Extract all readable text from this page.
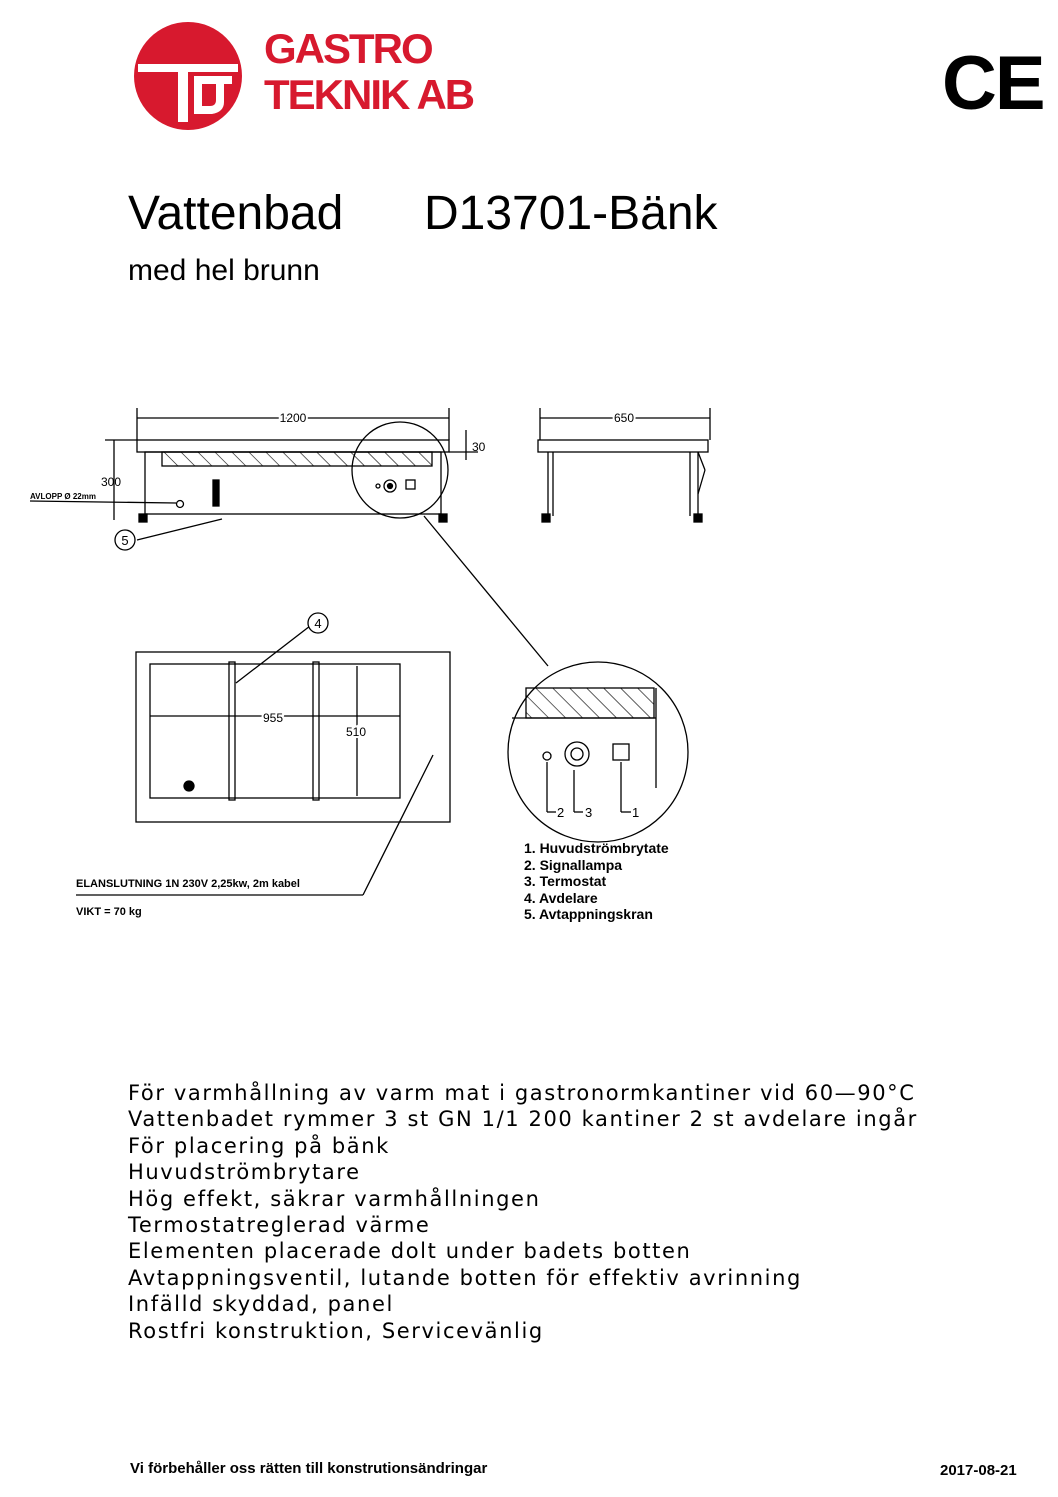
GASTRO
TEKNIK AB	CE
Vattenbad D13701-Bänk
med hel brunn
1200	650
300
30
955
510
AVLOPP Ø 22mm
5
4
2 3	1
ELANSLUTNING 1N 230V 2,25kw, 2m kabel
VIKT = 70 kg
1. Huvudströmbrytate
2. Signallampa
3. Termostat
4. Avdelare
5. Avtappningskran
För varmhållning av varm mat i gastronormkantiner vid 60—90°C
Vattenbadet rymmer 3 st GN 1/1 200 kantiner 2 st avdelare ingår
För placering på bänk
Huvudströmbrytare
Hög effekt, säkrar varmhållningen
Termostatreglerad värme
Elementen placerade dolt under badets botten
Avtappningsventil, lutande botten för effektiv avrinning
Infälld skyddad, panel
Rostfri konstruktion, Servicevänlig
Vi förbehåller oss rätten till konstrutionsändringar	2017-08-21
